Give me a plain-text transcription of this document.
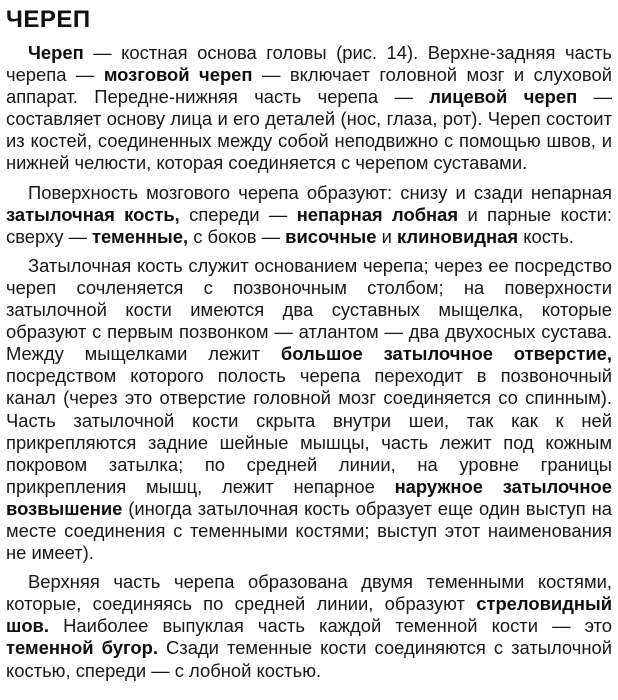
ЧЕРЕП

Череп — костная основа головы (рис. 14). Верхне-задняя часть черепа — мозговой череп — включает головной мозг и слуховой аппарат. Передне-нижняя часть черепа — лицевой череп — составляет основу лица и его деталей (нос, глаза, рот). Череп состоит из костей, соединенных между собой неподвижно с помощью швов, и нижней челюсти, которая соединяется с черепом суставами.

Поверхность мозгового черепа образуют: снизу и сзади непарная затылочная кость, спереди — непарная лобная и парные кости: сверху — теменные, с боков — височные и клиновидная кость.

Затылочная кость служит основанием черепа; через ее посредство череп сочленяется с позвоночным столбом; на поверхности затылочной кости имеются два суставных мыщелка, которые образуют с первым позвонком — атлантом — два двухосных сустава. Между мыщелками лежит большое затылочное отверстие, посредством которого полость черепа переходит в позвоночный канал (через это отверстие головной мозг соединяется со спинным). Часть затылочной кости скрыта внутри шеи, так как к ней прикрепляются задние шейные мышцы, часть лежит под кожным покровом затылка; по средней линии, на уровне границы прикрепления мышц, лежит непарное наружное затылочное возвышение (иногда затылочная кость образует еще один выступ на месте соединения с теменными костями; выступ этот наименования не имеет).

Верхняя часть черепа образована двумя теменными костями, которые, соединяясь по средней линии, образуют стреловидный шов. Наиболее выпуклая часть каждой теменной кости — это теменной бугор. Сзади теменные кости соединяются с затылочной костью, спереди — с лобной костью.
